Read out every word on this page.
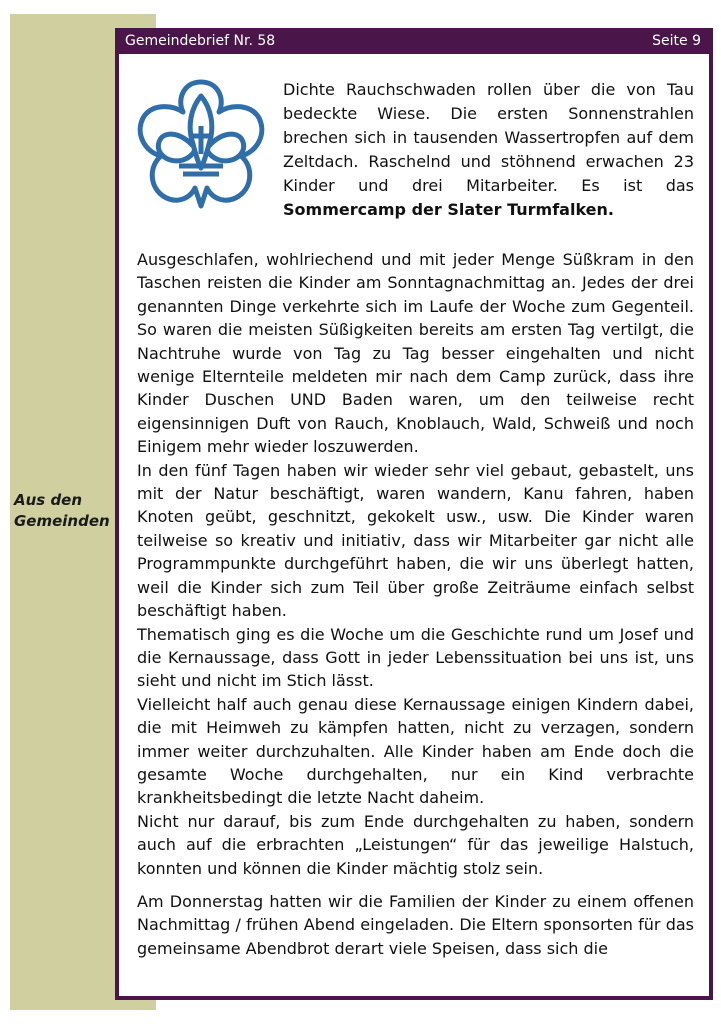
Aus den
Gemeinden
Gemeindebrief Nr. 58	Seite 9
Dichte Rauchschwaden rollen über die von Tau bedeckte Wiese. Die ersten Sonnenstrahlen brechen sich in tausenden Wassertropfen auf dem Zeltdach. Raschelnd und stöhnend erwachen 23 Kinder und drei Mitarbeiter. Es ist das Sommercamp der Slater Turmfalken.

Ausgeschlafen, wohlriechend und mit jeder Menge Süßkram in den Taschen reisten die Kinder am Sonntagnachmittag an. Jedes der drei genannten Dinge verkehrte sich im Laufe der Woche zum Gegenteil. So waren die meisten Süßigkeiten bereits am ersten Tag vertilgt, die Nachtruhe wurde von Tag zu Tag besser eingehalten und nicht wenige Elternteile meldeten mir nach dem Camp zurück, dass ihre Kinder Duschen UND Baden waren, um den teilweise recht eigensinnigen Duft von Rauch, Knoblauch, Wald, Schweiß und noch Einigem mehr wieder loszuwerden.

In den fünf Tagen haben wir wieder sehr viel gebaut, gebastelt, uns mit der Natur beschäftigt, waren wandern, Kanu fahren, haben Knoten geübt, geschnitzt, gekokelt usw., usw. Die Kinder waren teilweise so kreativ und initiativ, dass wir Mitarbeiter gar nicht alle Programmpunkte durchgeführt haben, die wir uns überlegt hatten, weil die Kinder sich zum Teil über große Zeiträume einfach selbst beschäftigt haben.

Thematisch ging es die Woche um die Geschichte rund um Josef und die Kernaussage, dass Gott in jeder Lebenssituation bei uns ist, uns sieht und nicht im Stich lässt.

Vielleicht half auch genau diese Kernaussage einigen Kindern dabei, die mit Heimweh zu kämpfen hatten, nicht zu verzagen, sondern immer weiter durchzuhalten. Alle Kinder haben am Ende doch die gesamte Woche durchgehalten, nur ein Kind verbrachte krankheitsbedingt die letzte Nacht daheim.

Nicht nur darauf, bis zum Ende durchgehalten zu haben, sondern auch auf die erbrachten „Leistungen“ für das jeweilige Halstuch, konnten und können die Kinder mächtig stolz sein.

Am Donnerstag hatten wir die Familien der Kinder zu einem offenen Nachmittag / frühen Abend eingeladen. Die Eltern sponsorten für das gemeinsame Abendbrot derart viele Speisen, dass sich die
